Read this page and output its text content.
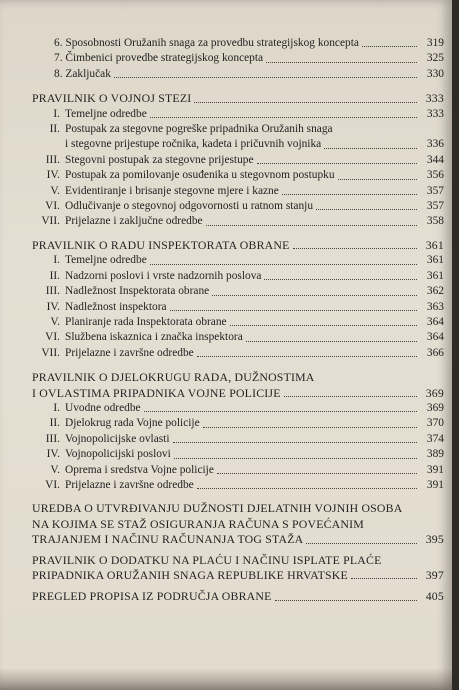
6. Sposobnosti Oružanih snaga za provedbu strategijskog koncepta	319
7. Čimbenici provedbe strategijskog koncepta	325
8. Zaključak	330
PRAVILNIK O VOJNOJ STEZI	333
I. Temeljne odredbe	333
II. Postupak za stegovne pogreške pripadnika Oružanih snaga
i stegovne prijestupe ročnika, kadeta i pričuvnih vojnika	336
III. Stegovni postupak za stegovne prijestupe	344
IV. Postupak za pomilovanje osuđenika u stegovnom postupku	356
V. Evidentiranje i brisanje stegovne mjere i kazne	357
VI. Odlučivanje o stegovnoj odgovornosti u ratnom stanju	357
VII. Prijelazne i zaključne odredbe	358
PRAVILNIK O RADU INSPEKTORATA OBRANE	361
I. Temeljne odredbe	361
II. Nadzorni poslovi i vrste nadzornih poslova	361
III. Nadležnost Inspektorata obrane	362
IV. Nadležnost inspektora	363
V. Planiranje rada Inspektorata obrane	364
VI. Službena iskaznica i značka inspektora	364
VII. Prijelazne i završne odredbe	366
PRAVILNIK O DJELOKRUGU RADA, DUŽNOSTIMA
I OVLASTIMA PRIPADNIKA VOJNE POLICIJE	369
I. Uvodne odredbe	369
II. Djelokrug rada Vojne policije	370
III. Vojnopolicijske ovlasti	374
IV. Vojnopolicijski poslovi	389
V. Oprema i sredstva Vojne policije	391
VI. Prijelazne i završne odredbe	391
UREDBA O UTVRĐIVANJU DUŽNOSTI DJELATNIH VOJNIH OSOBA
NA KOJIMA SE STAŽ OSIGURANJA RAČUNA S POVEĆANIM
TRAJANJEM I NAČINU RAČUNANJA TOG STAŽA	395
PRAVILNIK O DODATKU NA PLAĆU I NAČINU ISPLATE PLAĆE
PRIPADNIKA ORUŽANIH SNAGA REPUBLIKE HRVATSKE	397
PREGLED PROPISA IZ PODRUČJA OBRANE	405
